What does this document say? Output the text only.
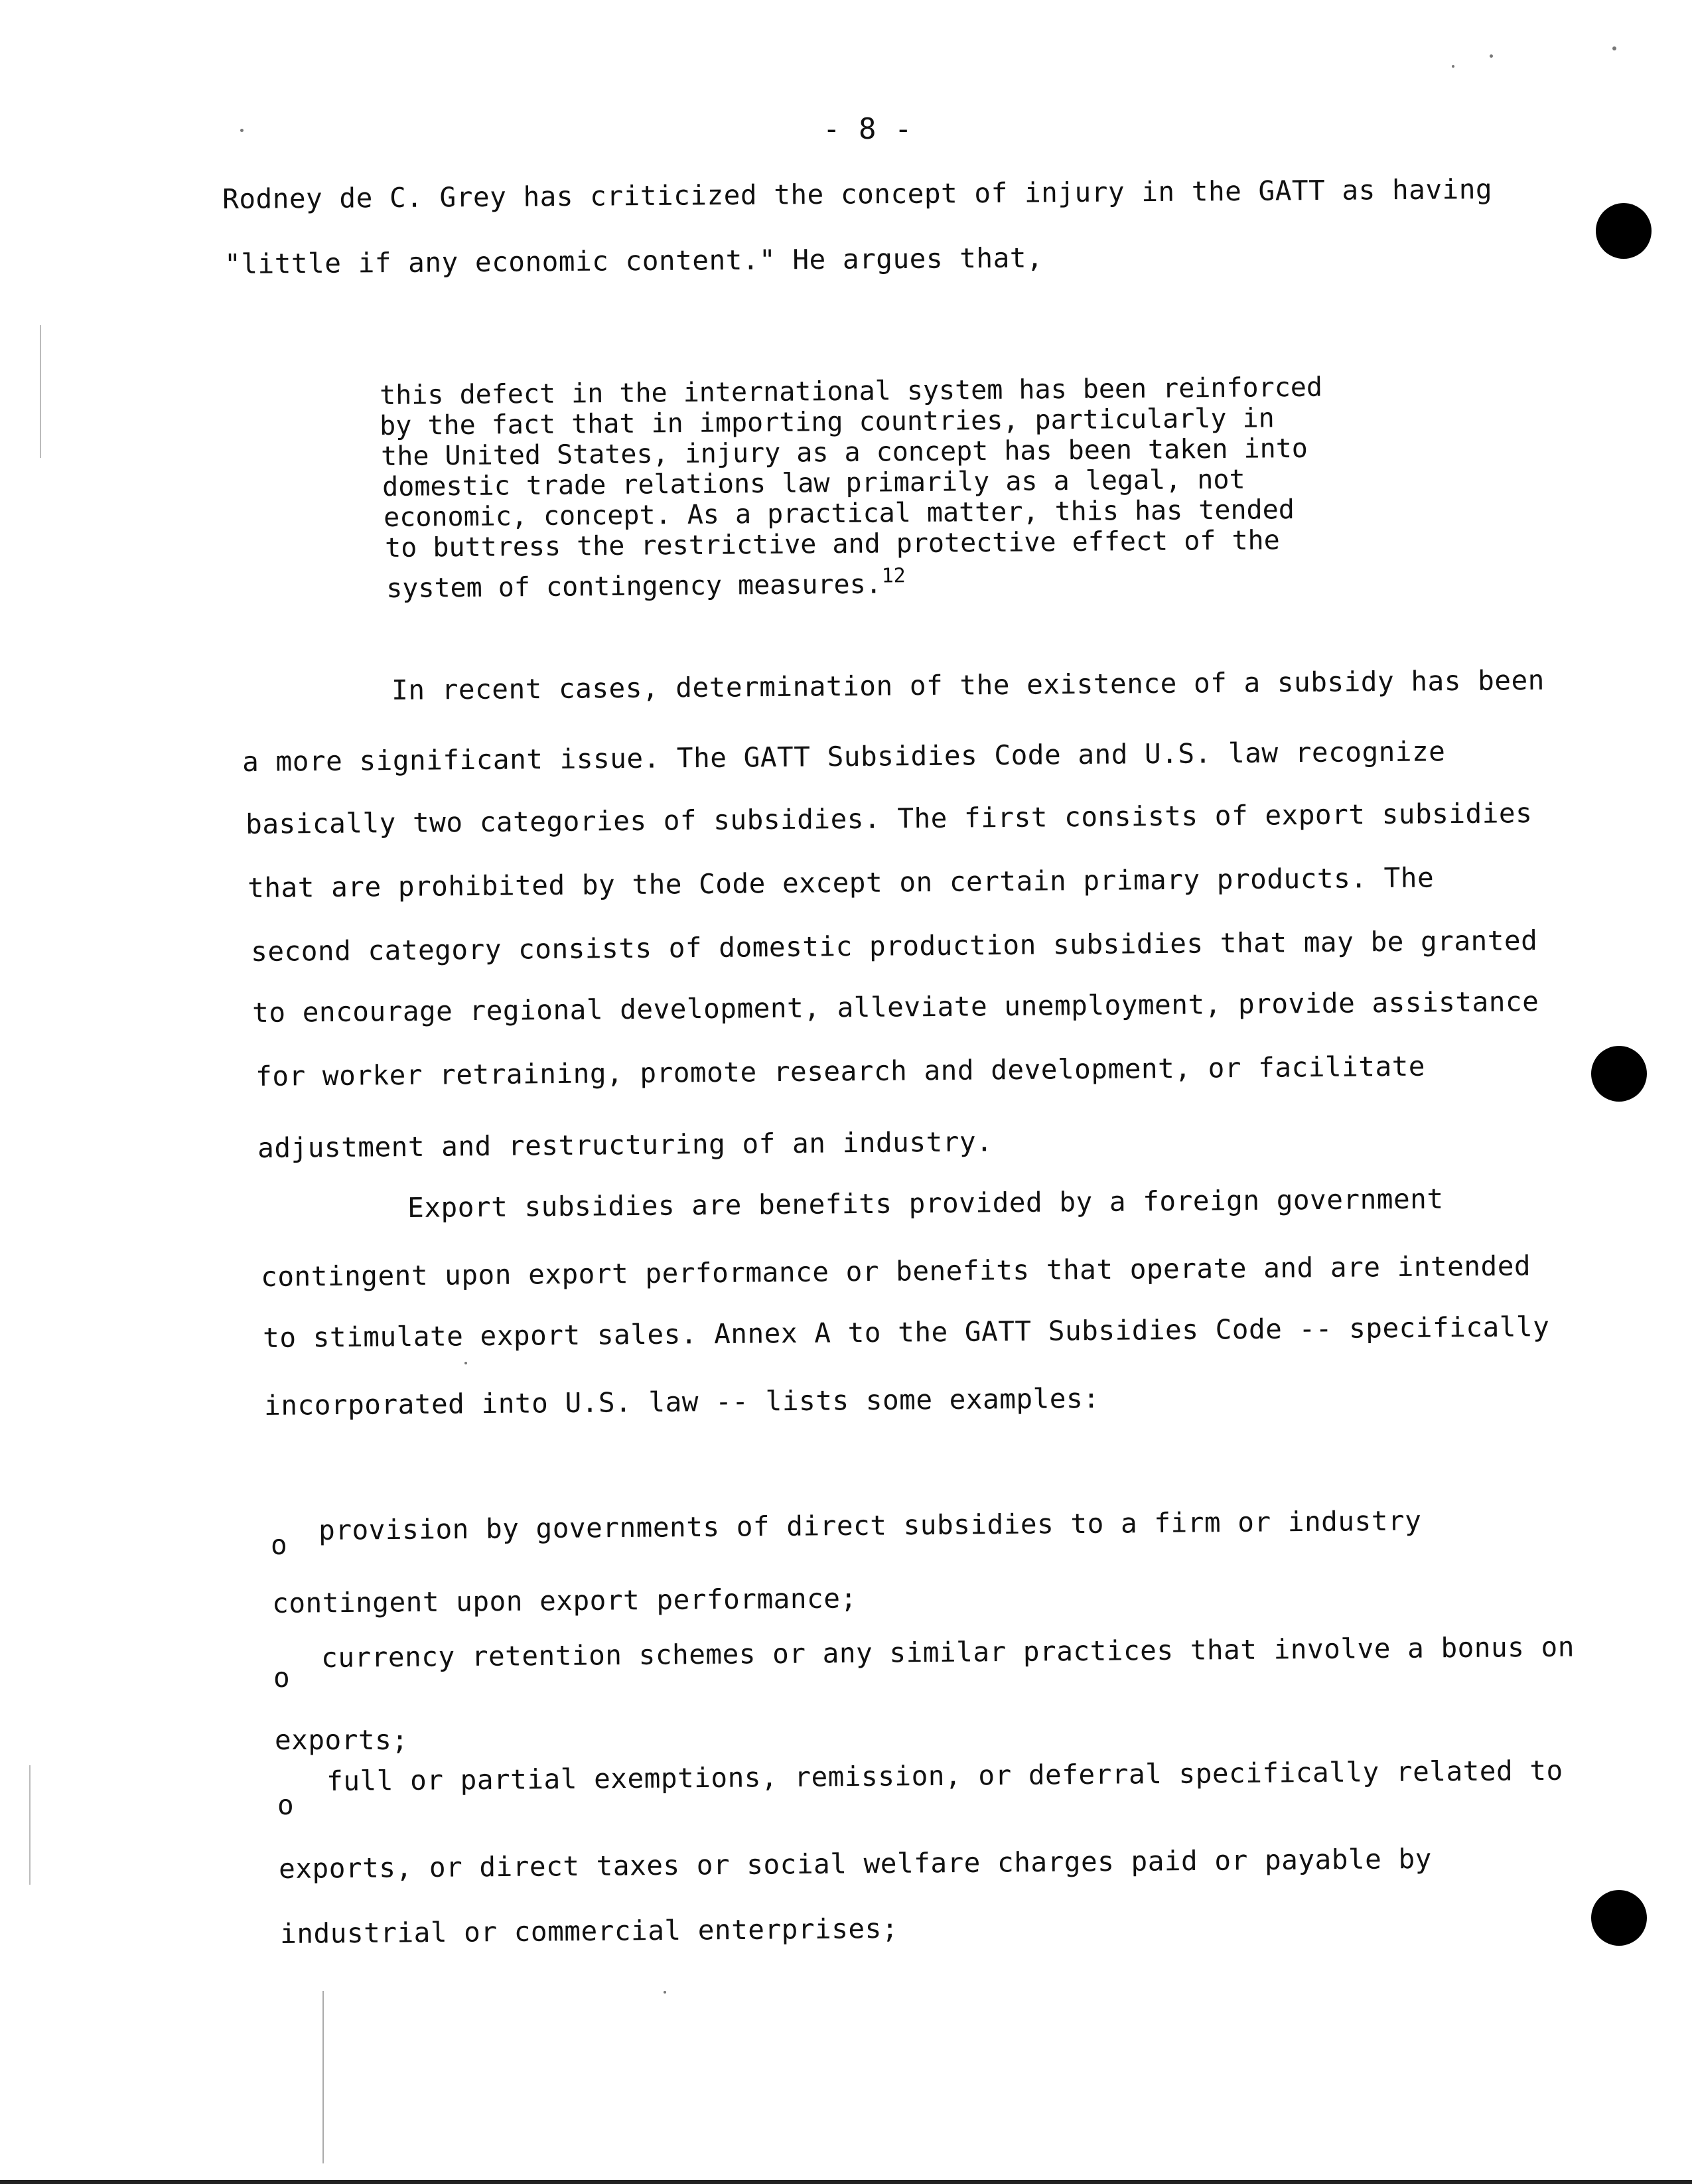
- 8 -
Rodney de C. Grey has criticized the concept of injury in the GATT as having
"little if any economic content." He argues that,
this defect in the international system has been reinforced
by the fact that in importing countries, particularly in
the United States, injury as a concept has been taken into
domestic trade relations law primarily as a legal, not
economic, concept. As a practical matter, this has tended
to buttress the restrictive and protective effect of the
system of contingency measures.$^{12}$
In recent cases, determination of the existence of a subsidy has been
a more significant issue. The GATT Subsidies Code and U.S. law recognize
basically two categories of subsidies. The first consists of export subsidies
that are prohibited by the Code except on certain primary products. The
second category consists of domestic production subsidies that may be granted
to encourage regional development, alleviate unemployment, provide assistance
for worker retraining, promote research and development, or facilitate
adjustment and restructuring of an industry.
Export subsidies are benefits provided by a foreign government
contingent upon export performance or benefits that operate and are intended
to stimulate export sales. Annex A to the GATT Subsidies Code -- specifically
incorporated into U.S. law -- lists some examples:
o provision by governments of direct subsidies to a firm or industry
contingent upon export performance;
o
currency retention schemes or any similar practices that involve a bonus on
exports;
o
full or partial exemptions, remission, or deferral specifically related to
exports, or direct taxes or social welfare charges paid or payable by
industrial or commercial enterprises;
